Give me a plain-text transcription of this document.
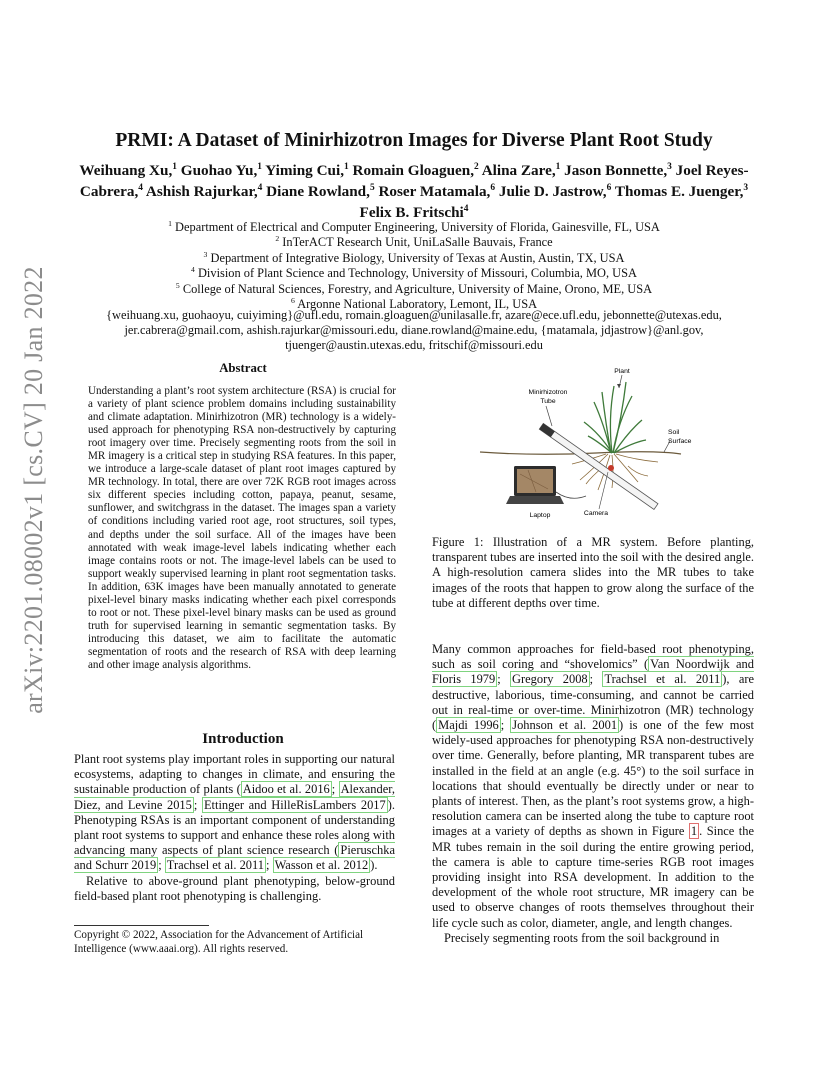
arXiv:2201.08002v1 [cs.CV] 20 Jan 2022
PRMI: A Dataset of Minirhizotron Images for Diverse Plant Root Study
Weihuang Xu,$^1$ Guohao Yu,$^1$ Yiming Cui,$^1$ Romain Gloaguen,$^2$ Alina Zare,$^1$ Jason Bonnette,$^3$ Joel Reyes-Cabrera,$^4$ Ashish Rajurkar,$^4$ Diane Rowland,$^5$ Roser Matamala,$^6$ Julie D. Jastrow,$^6$ Thomas E. Juenger,$^3$ Felix B. Fritschi$^4$
$^1$ Department of Electrical and Computer Engineering, University of Florida, Gainesville, FL, USA
$^2$ InTerACT Research Unit, UniLaSalle Bauvais, France
$^3$ Department of Integrative Biology, University of Texas at Austin, Austin, TX, USA
$^4$ Division of Plant Science and Technology, University of Missouri, Columbia, MO, USA
$^5$ College of Natural Sciences, Forestry, and Agriculture, University of Maine, Orono, ME, USA
$^6$ Argonne National Laboratory, Lemont, IL, USA
{weihuang.xu, guohaoyu, cuiyiming}@ufl.edu, romain.gloaguen@unilasalle.fr, azare@ece.ufl.edu, jebonnette@utexas.edu,
jer.cabrera@gmail.com, ashish.rajurkar@missouri.edu, diane.rowland@maine.edu, {matamala, jdjastrow}@anl.gov,
tjuenger@austin.utexas.edu, fritschif@missouri.edu
Abstract
Understanding a plant’s root system architecture (RSA) is crucial for a variety of plant science problem domains including sustainability and climate adaptation. Minirhizotron (MR) technology is a widely-used approach for phenotyping RSA non-destructively by capturing root imagery over time. Precisely segmenting roots from the soil in MR imagery is a critical step in studying RSA features. In this paper, we introduce a large-scale dataset of plant root images captured by MR technology. In total, there are over 72K RGB root images across six different species including cotton, papaya, peanut, sesame, sunflower, and switchgrass in the dataset. The images span a variety of conditions including varied root age, root structures, soil types, and depths under the soil surface. All of the images have been annotated with weak image-level labels indicating whether each image contains roots or not. The image-level labels can be used to support weakly supervised learning in plant root segmentation tasks. In addition, 63K images have been manually annotated to generate pixel-level binary masks indicating whether each pixel corresponds to root or not. These pixel-level binary masks can be used as ground truth for supervised learning in semantic segmentation tasks. By introducing this dataset, we aim to facilitate the automatic segmentation of roots and the research of RSA with deep learning and other image analysis algorithms.
Introduction

Plant root systems play important roles in supporting our natural ecosystems, adapting to changes in climate, and ensuring the sustainable production of plants ( Aidoo et al. 2016 ; Alexander, Diez, and Levine 2015 ; Ettinger and HilleRisLambers 2017 ). Phenotyping RSAs is an important component of understanding plant root systems to support and enhance these roles along with advancing many aspects of plant science research ( Pieruschka and Schurr 2019 ; Trachsel et al. 2011 ; Wasson et al. 2012 ).

Relative to above-ground plant phenotyping, below-ground field-based plant root phenotyping is challenging.

Copyright © 2022, Association for the Advancement of Artificial Intelligence (www.aaai.org). All rights reserved.
Plant
Minirhizotron
Tube
Soil
Surface
Laptop	Camera
Figure 1: Illustration of a MR system. Before planting, transparent tubes are inserted into the soil with the desired angle. A high-resolution camera slides into the MR tubes to take images of the roots that happen to grow along the surface of the tube at different depths over time.

Many common approaches for field-based root phenotyping, such as soil coring and “shovelomics” ( Van Noordwijk and Floris 1979 ; Gregory 2008 ; Trachsel et al. 2011 ), are destructive, laborious, time-consuming, and cannot be carried out in real-time or over-time. Minirhizotron (MR) technology ( Majdi 1996 ; Johnson et al. 2001 ) is one of the few most widely-used approaches for phenotyping RSA non-destructively over time. Generally, before planting, MR transparent tubes are installed in the field at an angle (e.g. 45°) to the soil surface in locations that should eventually be directly under or near to plants of interest. Then, as the plant’s root systems grow, a high-resolution camera can be inserted along the tube to capture root images at a variety of depths as shown in Figure 1 . Since the MR tubes remain in the soil during the entire growing period, the camera is able to capture time-series RGB root images providing insight into RSA development. In addition to the development of the whole root structure, MR imagery can be used to observe changes of roots themselves throughout their life cycle such as color, diameter, angle, and length changes.

Precisely segmenting roots from the soil background in
